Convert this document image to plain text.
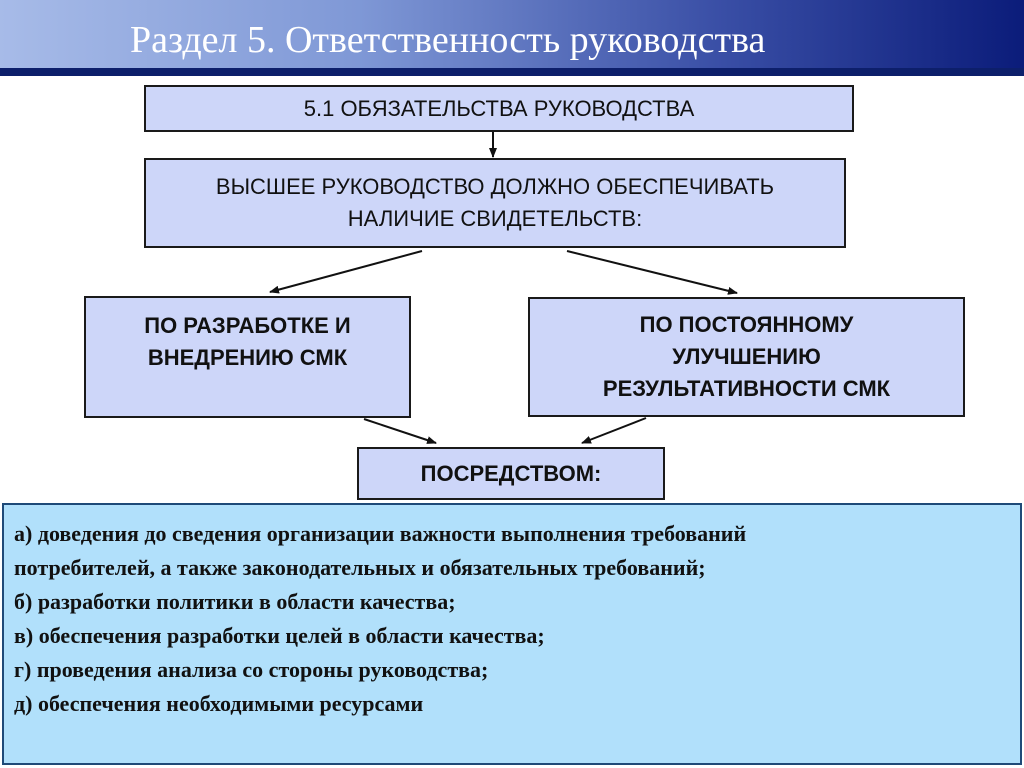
Раздел 5. Ответственность руководства
5.1 ОБЯЗАТЕЛЬСТВА РУКОВОДСТВА
ВЫСШЕЕ РУКОВОДСТВО ДОЛЖНО ОБЕСПЕЧИВАТЬ
НАЛИЧИЕ СВИДЕТЕЛЬСТВ:
ПО РАЗРАБОТКЕ И
ВНЕДРЕНИЮ СМК
ПО ПОСТОЯННОМУ
УЛУЧШЕНИЮ
РЕЗУЛЬТАТИВНОСТИ СМК
ПОСРЕДСТВОМ:
а) доведения до сведения организации важности выполнения требований
потребителей, а также законодательных и обязательных требований;
б) разработки политики в области качества;
в) обеспечения разработки целей в области качества;
г) проведения анализа со стороны руководства;
д) обеспечения необходимыми ресурсами
